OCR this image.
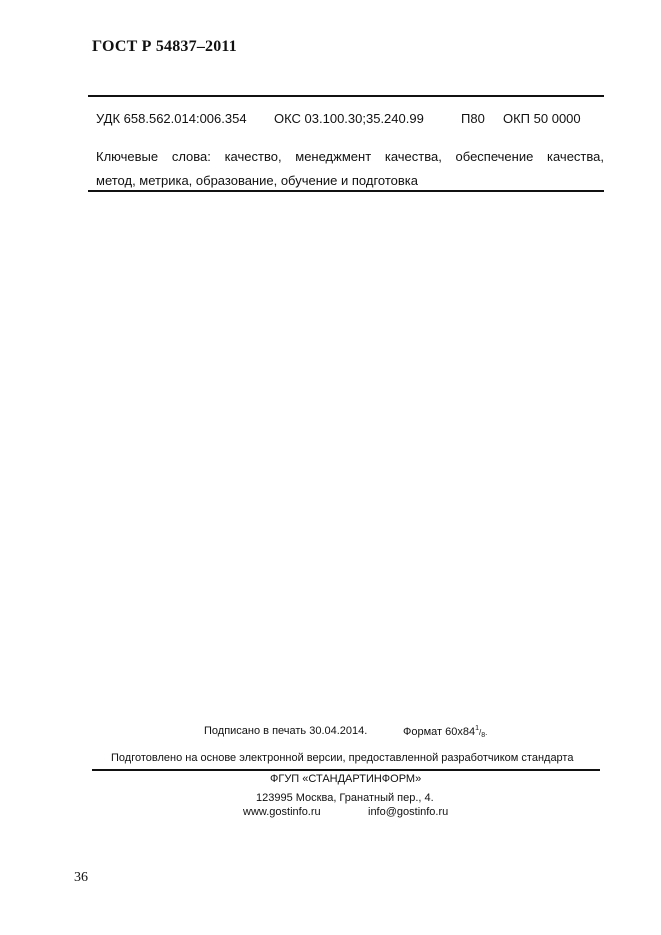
ГОСТ Р 54837–2011
УДК 658.562.014:006.354 ОКС 03.100.30;35.240.99	П80 ОКП 50 0000

Ключевые слова: качество, менеджмент качества, обеспечение качества,

метод, метрика, образование, обучение и подготовка

Подписано в печать 30.04.2014.	Формат $60х84^1/_8$.
Подготовлено на основе электронной версии, предоставленной разработчиком стандарта
ФГУП «СТАНДАРТИНФОРМ»
123995 Москва, Гранатный пер., 4.
www.gostinfo.ru	info@gostinfo.ru
36
